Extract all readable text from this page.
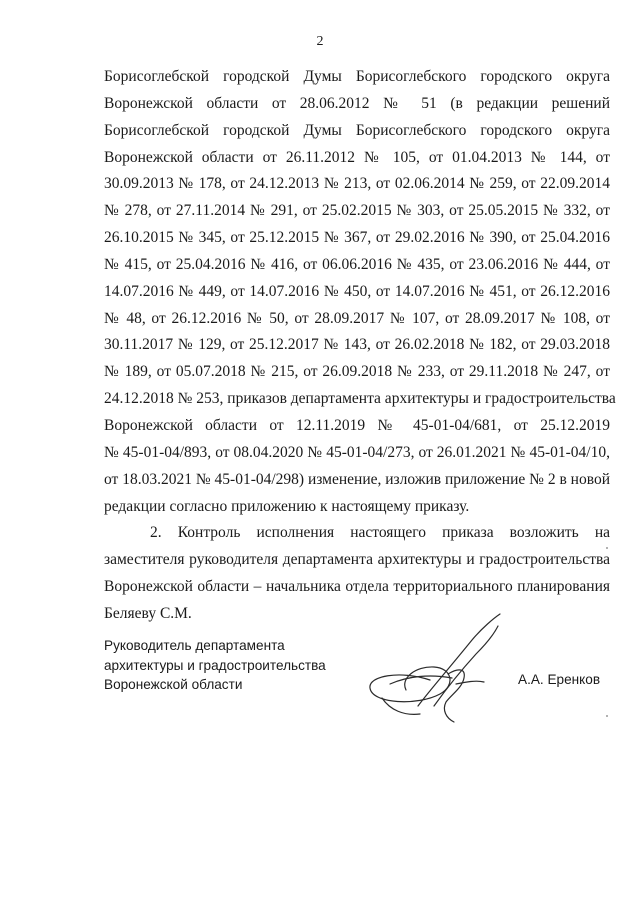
2
Борисоглебской городской Думы Борисоглебского городского округа
Воронежской области от 28.06.2012 № 51 (в редакции решений
Борисоглебской городской Думы Борисоглебского городского округа
Воронежской области от 26.11.2012 № 105, от 01.04.2013 № 144, от
30.09.2013 № 178, от 24.12.2013 № 213, от 02.06.2014 № 259, от 22.09.2014
№ 278, от 27.11.2014 № 291, от 25.02.2015 № 303, от 25.05.2015 № 332, от
26.10.2015 № 345, от 25.12.2015 № 367, от 29.02.2016 № 390, от 25.04.2016
№ 415, от 25.04.2016 № 416, от 06.06.2016 № 435, от 23.06.2016 № 444, от
14.07.2016 № 449, от 14.07.2016 № 450, от 14.07.2016 № 451, от 26.12.2016
№ 48, от 26.12.2016 № 50, от 28.09.2017 № 107, от 28.09.2017 № 108, от
30.11.2017 № 129, от 25.12.2017 № 143, от 26.02.2018 № 182, от 29.03.2018
№ 189, от 05.07.2018 № 215, от 26.09.2018 № 233, от 29.11.2018 № 247, от
24.12.2018 № 253, приказов департамента архитектуры и градостроительства
Воронежской области от 12.11.2019 № 45-01-04/681, от 25.12.2019
№ 45-01-04/893, от 08.04.2020 № 45-01-04/273, от 26.01.2021 № 45-01-04/10,
от 18.03.2021 № 45-01-04/298) изменение, изложив приложение № 2 в новой
редакции согласно приложению к настоящему приказу.
2. Контроль исполнения настоящего приказа возложить на
заместителя руководителя департамента архитектуры и градостроительства
Воронежской области – начальника отдела территориального планирования
Беляеву С.М.
Руководитель департамента
архитектуры и градостроительства
Воронежской области	А.А. Еренков
